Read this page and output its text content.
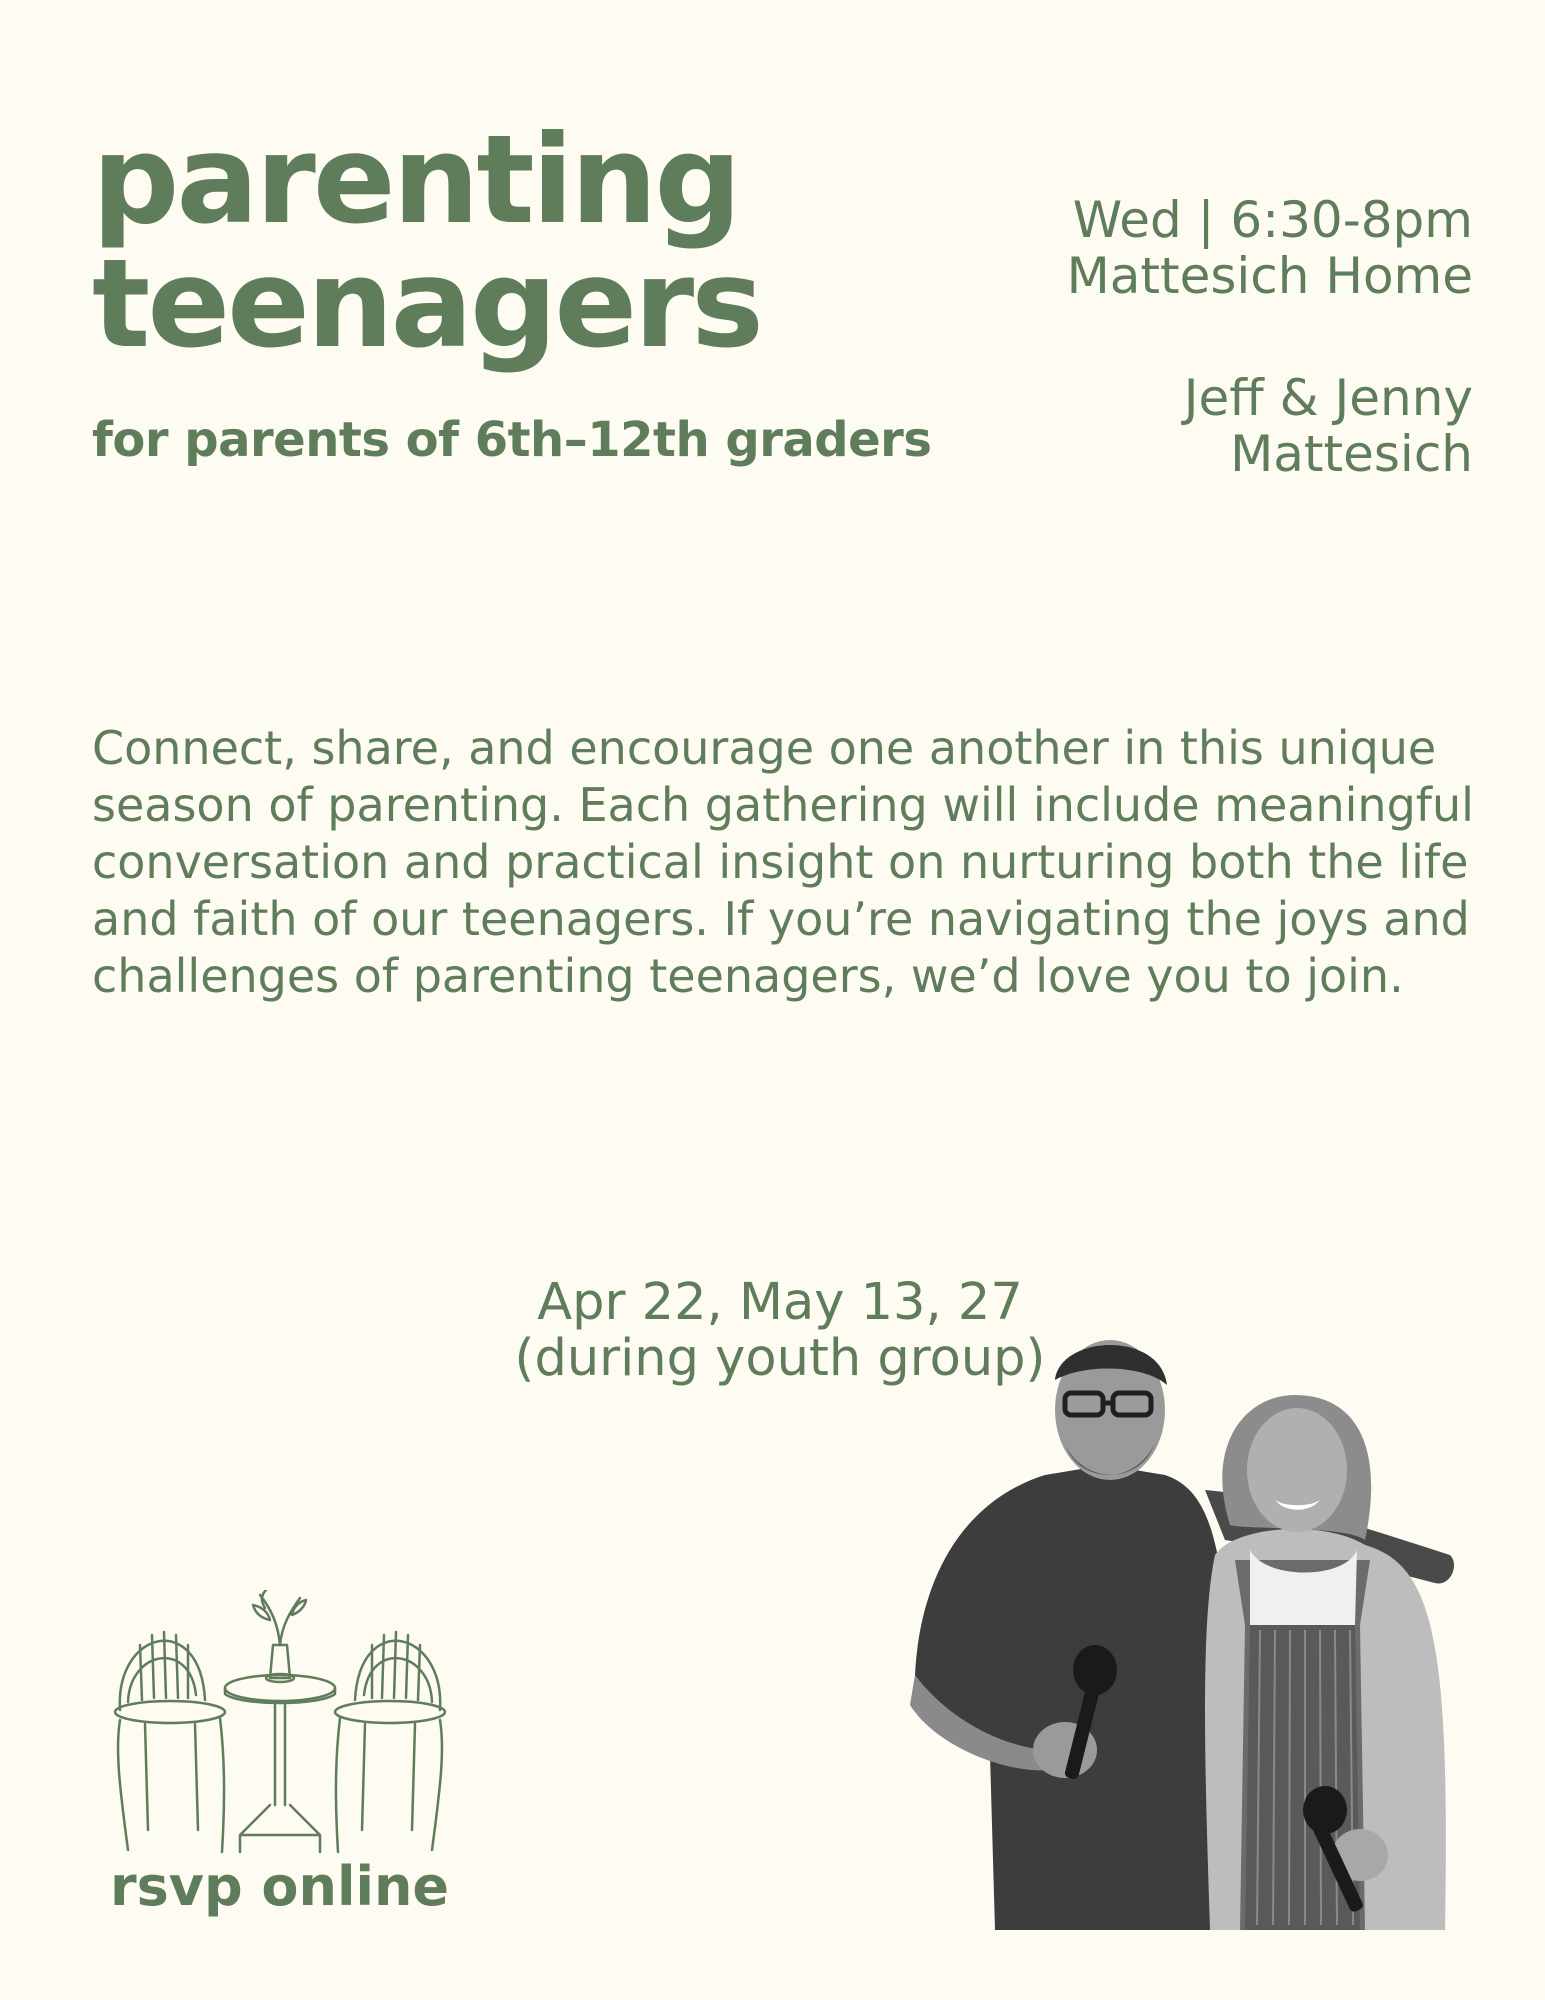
parenting
teenagers

for parents of 6th–12th graders

Wed | 6:30-8pm
Mattesich Home
Jeff & Jenny
Mattesich

Connect, share, and encourage one another in this unique season of parenting. Each gathering will include meaningful conversation and practical insight on nurturing both the life and faith of our teenagers. If you’re navigating the joys and challenges of parenting teenagers, we’d love you to join.

Apr 22, May 13, 27
(during youth group)
rsvp online
